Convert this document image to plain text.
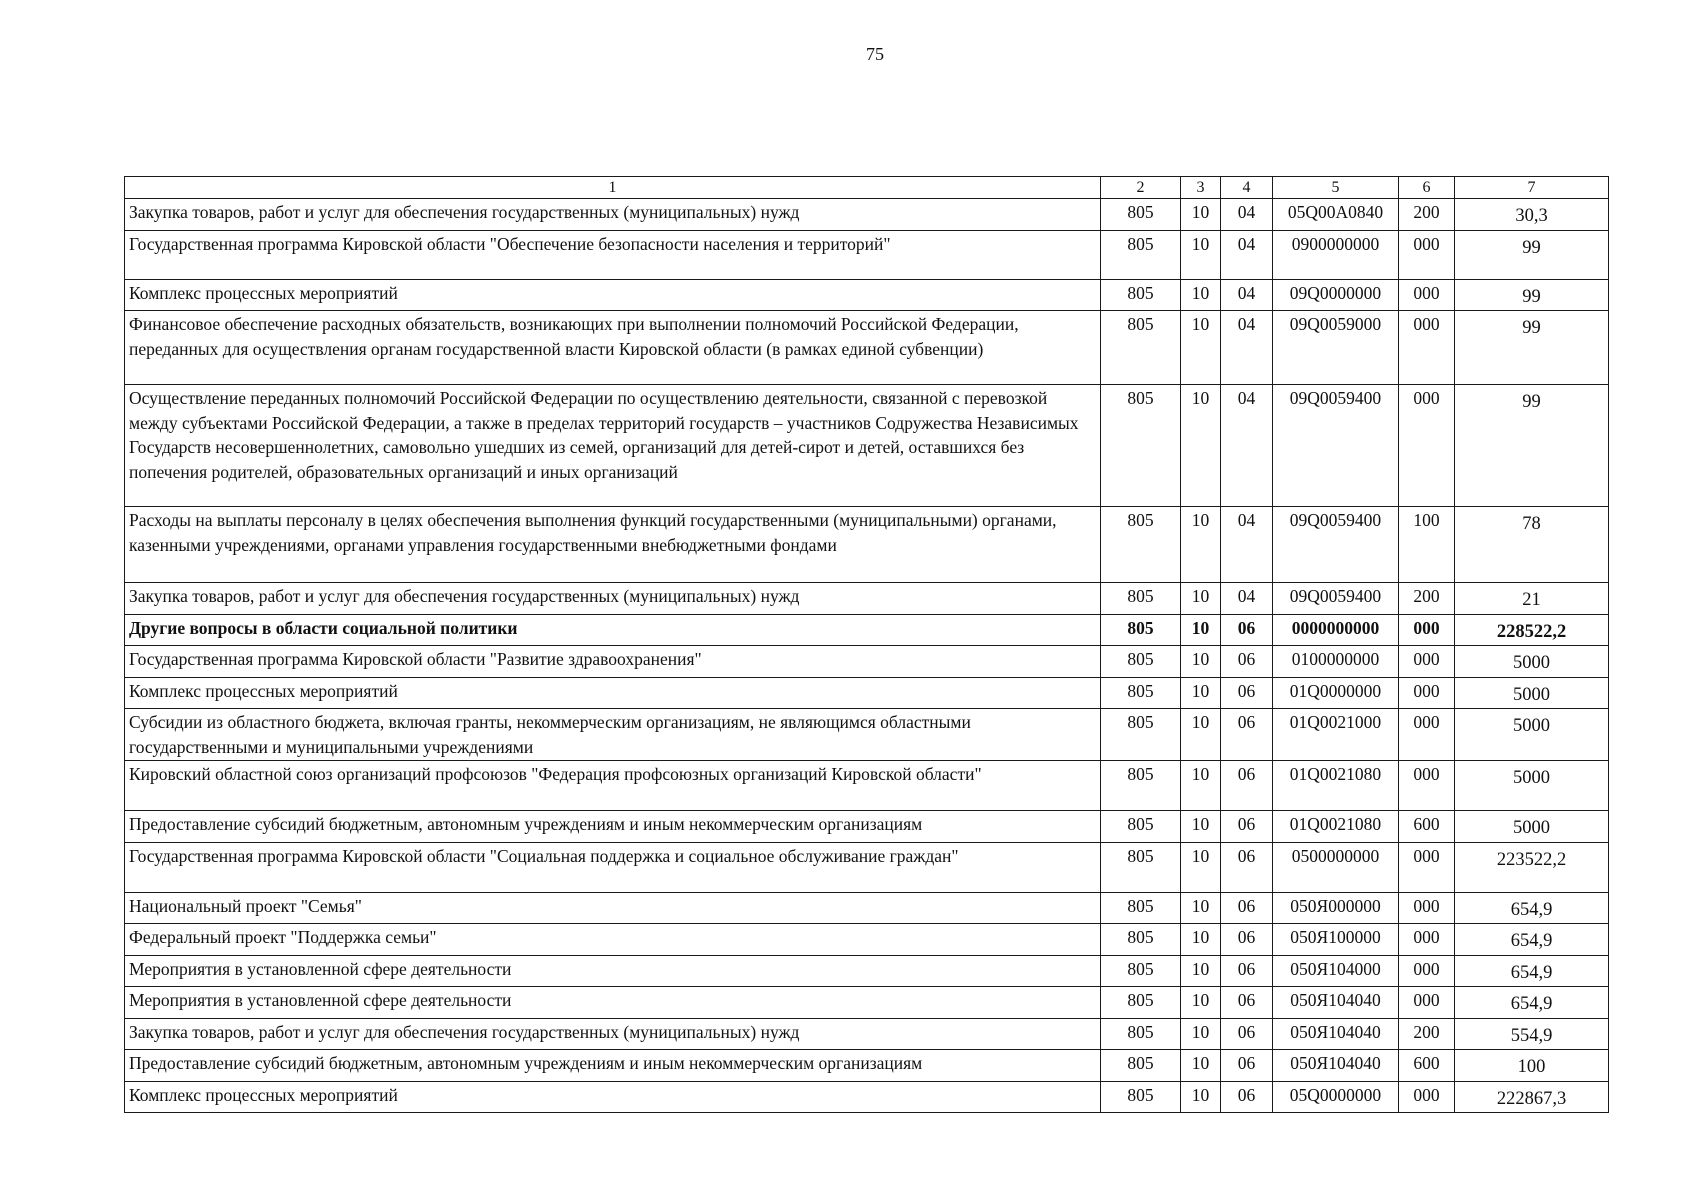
75
1	2	3	4	5	6	7
Закупка товаров, работ и услуг для обеспечения государственных (муниципальных) нужд	805	10	04	05Q00A0840	200	30,3
Государственная программа Кировской области "Обеспечение безопасности населения и территорий"	805	10	04	0900000000	000	99
Комплекс процессных мероприятий	805	10	04	09Q0000000	000	99
Финансовое обеспечение расходных обязательств, возникающих при выполнении полномочий Российской Федерации, переданных для осуществления органам государственной власти Кировской области (в рамках единой субвенции)	805	10	04	09Q0059000	000	99
Осуществление переданных полномочий Российской Федерации по осуществлению деятельности, связанной с перевозкой между субъектами Российской Федерации, а также в пределах территорий государств – участников Содружества Независимых Государств несовершеннолетних, самовольно ушедших из семей, организаций для детей-сирот и детей, оставшихся без попечения родителей, образовательных организаций и иных организаций	805	10	04	09Q0059400	000	99
Расходы на выплаты персоналу в целях обеспечения выполнения функций государственными (муниципальными) органами, казенными учреждениями, органами управления государственными внебюджетными фондами	805	10	04	09Q0059400	100	78
Закупка товаров, работ и услуг для обеспечения государственных (муниципальных) нужд	805	10	04	09Q0059400	200	21
Другие вопросы в области социальной политики	805	10	06	0000000000	000	228522,2
Государственная программа Кировской области "Развитие здравоохранения"	805	10	06	0100000000	000	5000
Комплекс процессных мероприятий	805	10	06	01Q0000000	000	5000
Субсидии из областного бюджета, включая гранты, некоммерческим организациям, не являющимся областными государственными и муниципальными учреждениями	805	10	06	01Q0021000	000	5000
Кировский областной союз организаций профсоюзов "Федерация профсоюзных организаций Кировской области"	805	10	06	01Q0021080	000	5000
Предоставление субсидий бюджетным, автономным учреждениям и иным некоммерческим организациям	805	10	06	01Q0021080	600	5000
Государственная программа Кировской области "Социальная поддержка и социальное обслуживание граждан"	805	10	06	0500000000	000	223522,2
Национальный проект "Семья"	805	10	06	050Я000000	000	654,9
Федеральный проект "Поддержка семьи"	805	10	06	050Я100000	000	654,9
Мероприятия в установленной сфере деятельности	805	10	06	050Я104000	000	654,9
Мероприятия в установленной сфере деятельности	805	10	06	050Я104040	000	654,9
Закупка товаров, работ и услуг для обеспечения государственных (муниципальных) нужд	805	10	06	050Я104040	200	554,9
Предоставление субсидий бюджетным, автономным учреждениям и иным некоммерческим организациям	805	10	06	050Я104040	600	100
Комплекс процессных мероприятий	805	10	06	05Q0000000	000	222867,3
